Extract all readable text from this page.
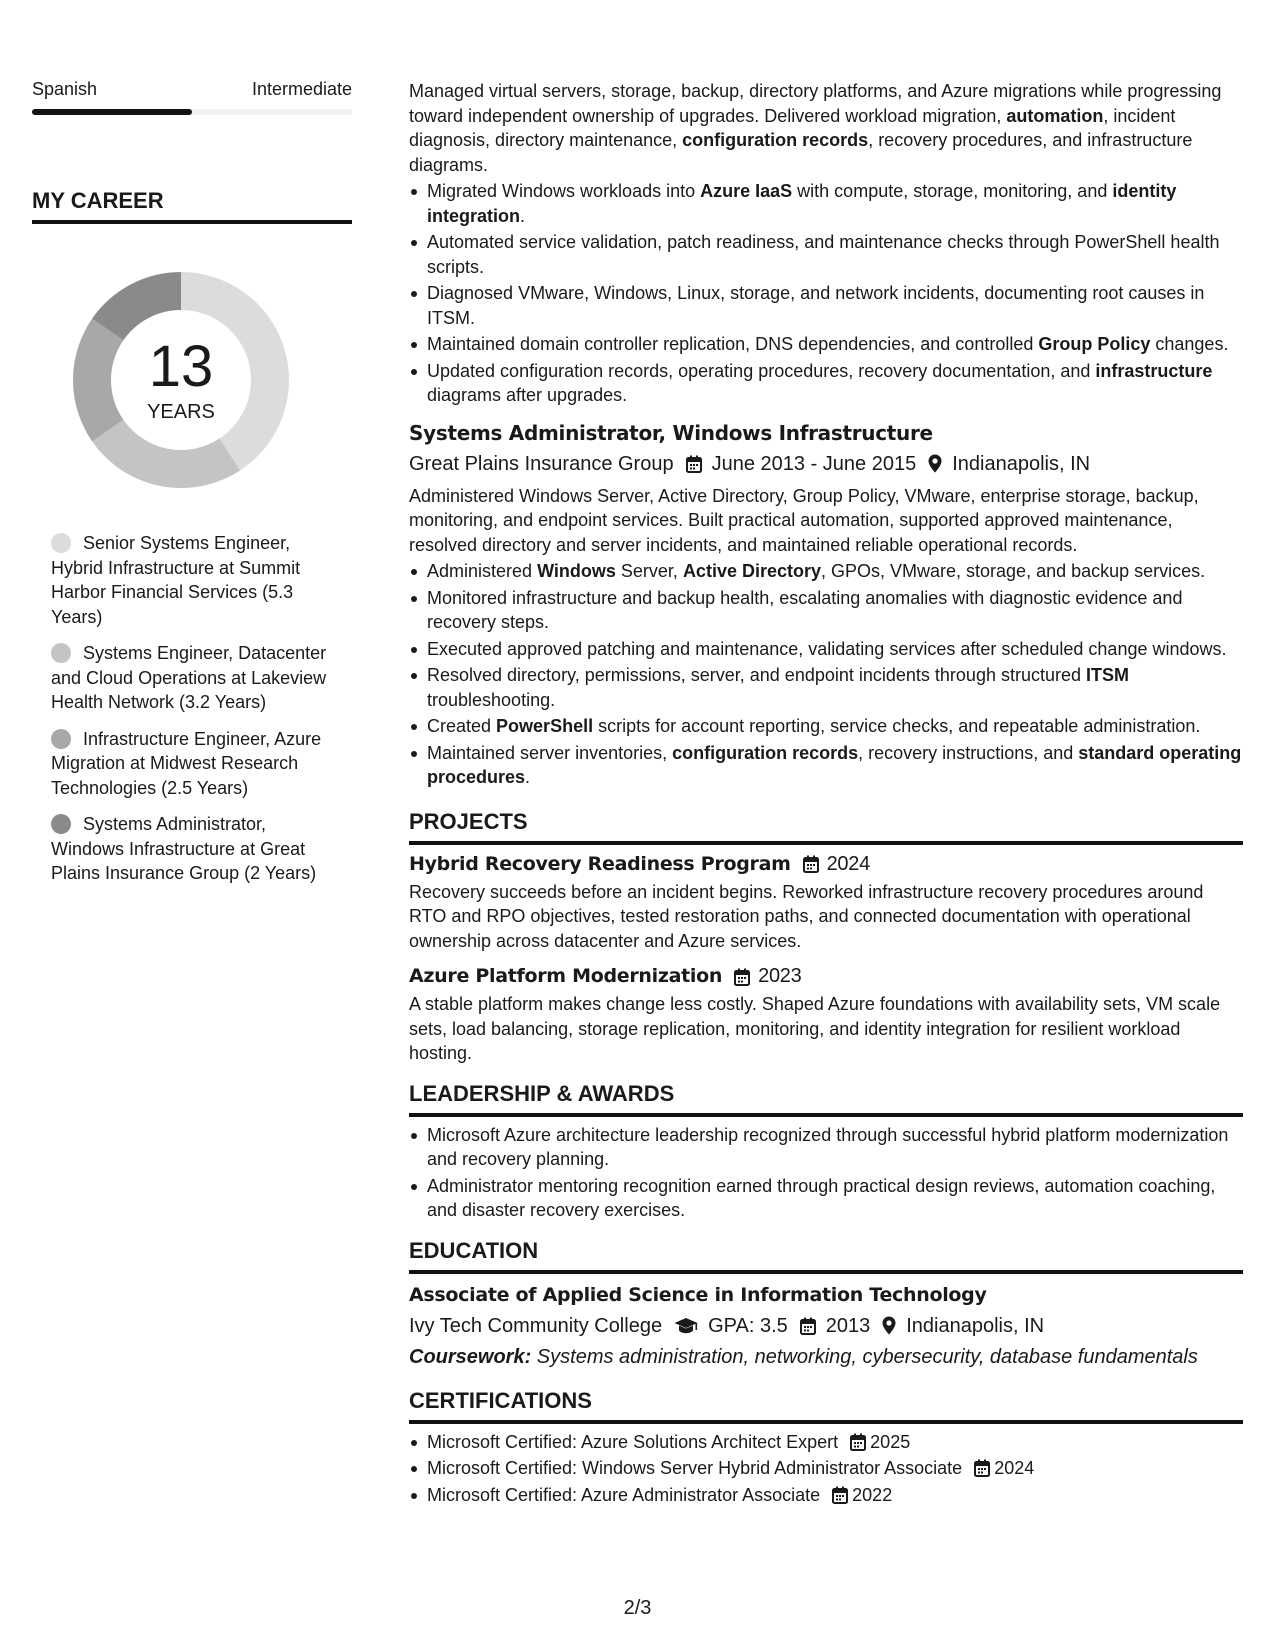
Spanish	Intermediate
MY CAREER
13
YEARS
Senior Systems Engineer, Hybrid Infrastructure at Summit Harbor Financial Services (5.3 Years)
Systems Engineer, Datacenter and Cloud Operations at Lakeview Health Network (3.2 Years)
Infrastructure Engineer, Azure Migration at Midwest Research Technologies (2.5 Years)
Systems Administrator, Windows Infrastructure at Great Plains Insurance Group (2 Years)
Managed virtual servers, storage, backup, directory platforms, and Azure migrations while progressing toward independent ownership of upgrades. Delivered workload migration, automation, incident diagnosis, directory maintenance, configuration records, recovery procedures, and infrastructure diagrams.
Migrated Windows workloads into Azure IaaS with compute, storage, monitoring, and identity integration.
Automated service validation, patch readiness, and maintenance checks through PowerShell health scripts.
Diagnosed VMware, Windows, Linux, storage, and network incidents, documenting root causes in ITSM.
Maintained domain controller replication, DNS dependencies, and controlled Group Policy changes.
Updated configuration records, operating procedures, recovery documentation, and infrastructure diagrams after upgrades.
Systems Administrator, Windows Infrastructure
Great Plains Insurance Group June 2013 - June 2015 Indianapolis, IN
Administered Windows Server, Active Directory, Group Policy, VMware, enterprise storage, backup, monitoring, and endpoint services. Built practical automation, supported approved maintenance, resolved directory and server incidents, and maintained reliable operational records.
Administered Windows Server, Active Directory, GPOs, VMware, storage, and backup services.
Monitored infrastructure and backup health, escalating anomalies with diagnostic evidence and recovery steps.
Executed approved patching and maintenance, validating services after scheduled change windows.
Resolved directory, permissions, server, and endpoint incidents through structured ITSM troubleshooting.
Created PowerShell scripts for account reporting, service checks, and repeatable administration.
Maintained server inventories, configuration records, recovery instructions, and standard operating procedures.
PROJECTS
Hybrid Recovery Readiness Program 2024
Recovery succeeds before an incident begins. Reworked infrastructure recovery procedures around RTO and RPO objectives, tested restoration paths, and connected documentation with operational ownership across datacenter and Azure services.
Azure Platform Modernization 2023
A stable platform makes change less costly. Shaped Azure foundations with availability sets, VM scale sets, load balancing, storage replication, monitoring, and identity integration for resilient workload hosting.
LEADERSHIP & AWARDS
Microsoft Azure architecture leadership recognized through successful hybrid platform modernization and recovery planning.
Administrator mentoring recognition earned through practical design reviews, automation coaching, and disaster recovery exercises.
EDUCATION
Associate of Applied Science in Information Technology
Ivy Tech Community College GPA: 3.5 2013 Indianapolis, IN
Coursework: Systems administration, networking, cybersecurity, database fundamentals
CERTIFICATIONS
Microsoft Certified: Azure Solutions Architect Expert 2025
Microsoft Certified: Windows Server Hybrid Administrator Associate 2024
Microsoft Certified: Azure Administrator Associate 2022
2/3
